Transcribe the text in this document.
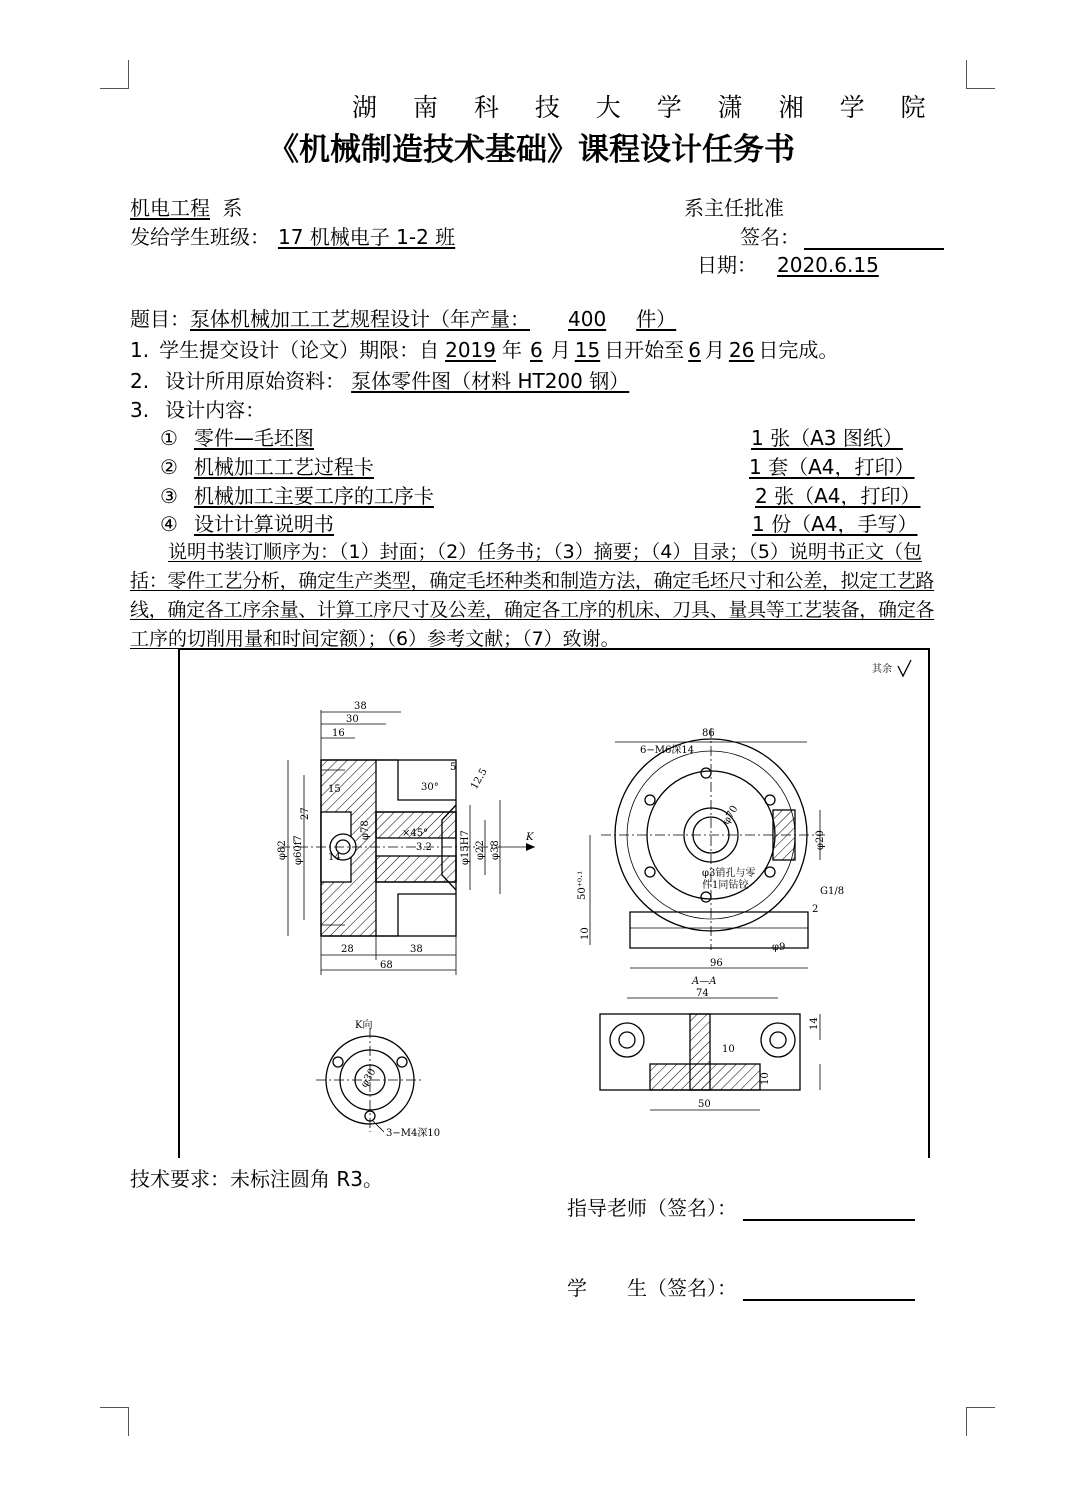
湖 南 科 技 大 学 潇 湘 学 院
《机械制造技术基础》课程设计任务书
机电工程 系
发给学生班级： 17 机械电子 1-2 班
系主任批准
签名：
日期： 2020.6.15
题目：泵体机械加工工艺规程设计（年产量： 400 件）
1. 学生提交设计（论文）期限：自 2019 年 6 月 15 日开始至 6 月 26 日完成。
2. 设计所用原始资料： 泵体零件图（材料 HT200 钢）
3. 设计内容：
① 零件—毛坯图	1 张（A3 图纸）
② 机械加工工艺过程卡	1 套（A4，打印）
③ 机械加工主要工序的工序卡	2 张（A4，打印）
④ 设计计算说明书	1 份（A4，手写）
说明书装订顺序为：（1）封面；（2）任务书；（3）摘要；（4）目录；（5）说明书正文（包
括：零件工艺分析，确定生产类型，确定毛坯种类和制造方法，确定毛坯尺寸和公差，拟定工艺路
线，确定各工序余量、计算工序尺寸及公差，确定各工序的机床、刀具、量具等工艺装备，确定各
工序的切削用量和时间定额）；（6）参考文献；（7）致谢。
其余
38
30
16
15
14
27
28	38
68
5
30°	12.5
×45°
3.2
φ82 φ60f7
φ78
φ15H7 φ22 φ38
K
86
6−M6深14
φ70
φ20
φ3销孔与零
件1同钻铰
G1/8
50⁺⁰·¹
10
2
96
φ9
A—A
74
14
10
10
50
K向
φ30
3−M4深10
技术要求：未标注圆角 R3。
指导老师（签名）：
学　　生（签名）：
